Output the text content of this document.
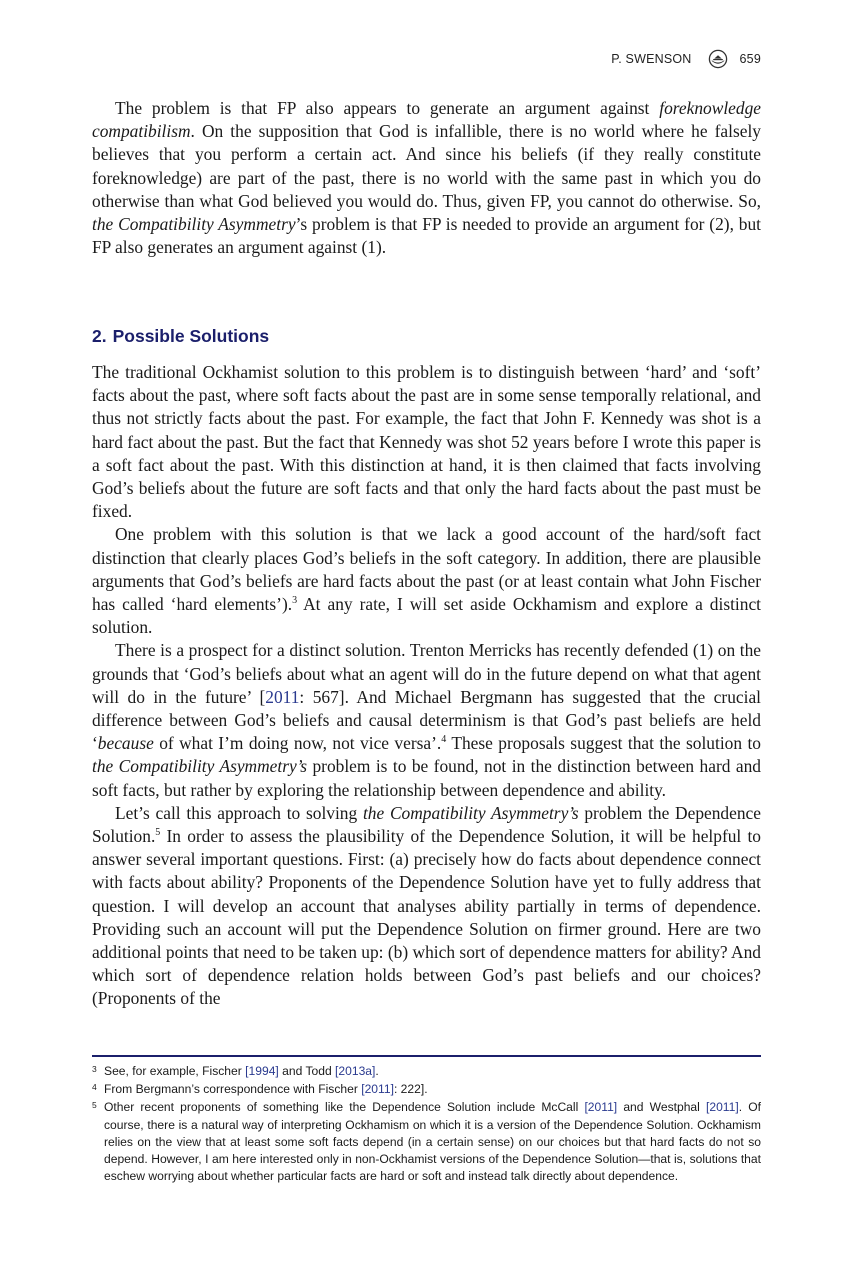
P. SWENSON	659

The problem is that FP also appears to generate an argument against foreknowledge compatibilism. On the supposition that God is infallible, there is no world where he falsely believes that you perform a certain act. And since his beliefs (if they really constitute foreknowledge) are part of the past, there is no world with the same past in which you do otherwise than what God believed you would do. Thus, given FP, you cannot do otherwise. So, the Compatibility Asymmetry’s problem is that FP is needed to provide an argument for (2), but FP also generates an argument against (1).

2. Possible Solutions

The traditional Ockhamist solution to this problem is to distinguish between ‘hard’ and ‘soft’ facts about the past, where soft facts about the past are in some sense temporally relational, and thus not strictly facts about the past. For example, the fact that John F. Kennedy was shot is a hard fact about the past. But the fact that Kennedy was shot 52 years before I wrote this paper is a soft fact about the past. With this distinction at hand, it is then claimed that facts involving God’s beliefs about the future are soft facts and that only the hard facts about the past must be fixed.

One problem with this solution is that we lack a good account of the hard/soft fact distinction that clearly places God’s beliefs in the soft category. In addition, there are plausible arguments that God’s beliefs are hard facts about the past (or at least contain what John Fischer has called ‘hard elements’).$^3$ At any rate, I will set aside Ockhamism and explore a distinct solution.

There is a prospect for a distinct solution. Trenton Merricks has recently defended (1) on the grounds that ‘God’s beliefs about what an agent will do in the future depend on what that agent will do in the future’ [2011: 567]. And Michael Bergmann has suggested that the crucial difference between God’s beliefs and causal determinism is that God’s past beliefs are held ‘because of what I’m doing now, not vice versa’.$^4$ These proposals suggest that the solution to the Compatibility Asymmetry’s problem is to be found, not in the distinction between hard and soft facts, but rather by exploring the relationship between dependence and ability.

Let’s call this approach to solving the Compatibility Asymmetry’s problem the Dependence Solution.$^5$ In order to assess the plausibility of the Dependence Solution, it will be helpful to answer several important questions. First: (a) precisely how do facts about dependence connect with facts about ability? Proponents of the Dependence Solution have yet to fully address that question. I will develop an account that analyses ability partially in terms of dependence. Providing such an account will put the Dependence Solution on firmer ground. Here are two additional points that need to be taken up: (b) which sort of dependence matters for ability? And which sort of dependence relation holds between God’s past beliefs and our choices? (Proponents of the

3 See, for example, Fischer [1994] and Todd [2013a].
4 From Bergmann’s correspondence with Fischer [2011]: 222].
5 Other recent proponents of something like the Dependence Solution include McCall [2011] and Westphal [2011]. Of course, there is a natural way of interpreting Ockhamism on which it is a version of the Dependence Solution. Ockhamism relies on the view that at least some soft facts depend (in a certain sense) on our choices but that hard facts do not so depend. However, I am here interested only in non-Ockhamist versions of the Dependence Solution—that is, solutions that eschew worrying about whether particular facts are hard or soft and instead talk directly about dependence.
